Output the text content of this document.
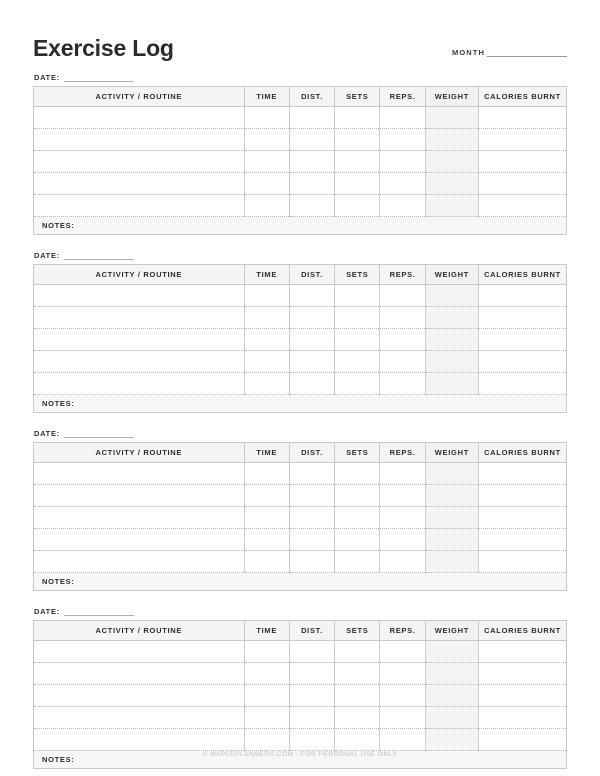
Exercise Log	MONTH
DATE:
ACTIVITY / ROUTINE	TIME	DIST.	SETS	REPS.	WEIGHT	CALORIES BURNT

NOTES:						
DATE:
ACTIVITY / ROUTINE	TIME	DIST.	SETS	REPS.	WEIGHT	CALORIES BURNT

NOTES:						
DATE:
ACTIVITY / ROUTINE	TIME	DIST.	SETS	REPS.	WEIGHT	CALORIES BURNT

NOTES:						
DATE:
ACTIVITY / ROUTINE	TIME	DIST.	SETS	REPS.	WEIGHT	CALORIES BURNT

NOTES:						
© MAPLEPLANNERS.COM - FOR PERSONAL USE ONLY
